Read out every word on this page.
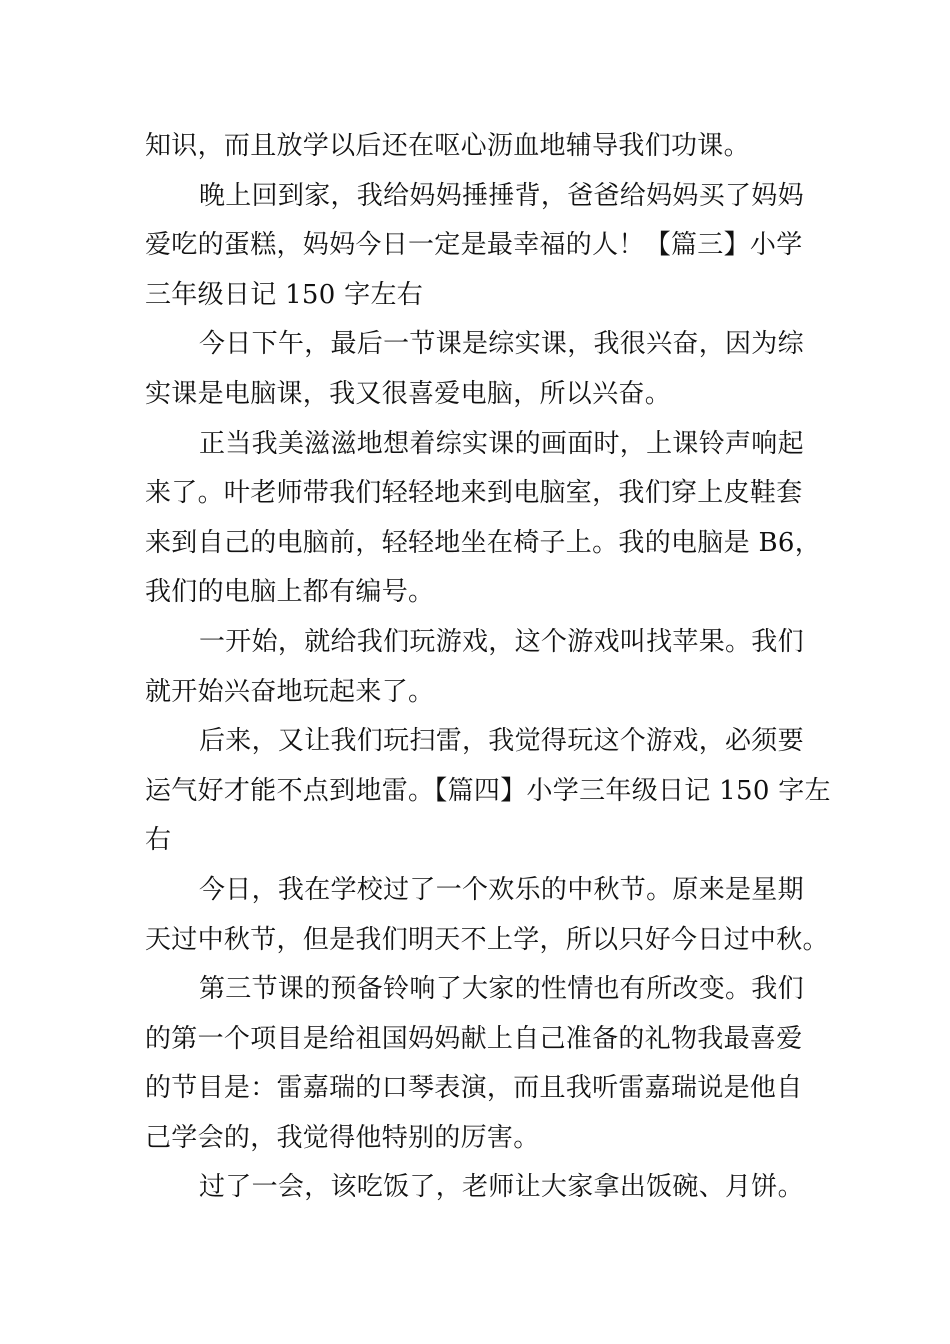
知识，而且放学以后还在呕心沥血地辅导我们功课。
晚上回到家，我给妈妈捶捶背，爸爸给妈妈买了妈妈
爱吃的蛋糕，妈妈今日一定是最幸福的人！【篇三】小学
三年级日记 150 字左右
今日下午，最后一节课是综实课，我很兴奋，因为综
实课是电脑课，我又很喜爱电脑，所以兴奋。
正当我美滋滋地想着综实课的画面时，上课铃声响起
来了。叶老师带我们轻轻地来到电脑室，我们穿上皮鞋套
来到自己的电脑前，轻轻地坐在椅子上。我的电脑是 B6，
我们的电脑上都有编号。
一开始，就给我们玩游戏，这个游戏叫找苹果。我们
就开始兴奋地玩起来了。
后来，又让我们玩扫雷，我觉得玩这个游戏，必须要
运气好才能不点到地雷。【篇四】小学三年级日记 150 字左
右
今日，我在学校过了一个欢乐的中秋节。原来是星期
天过中秋节，但是我们明天不上学，所以只好今日过中秋。
第三节课的预备铃响了大家的性情也有所改变。我们
的第一个项目是给祖国妈妈献上自己准备的礼物我最喜爱
的节目是：雷嘉瑞的口琴表演，而且我听雷嘉瑞说是他自
己学会的，我觉得他特别的厉害。
过了一会，该吃饭了，老师让大家拿出饭碗、月饼。
